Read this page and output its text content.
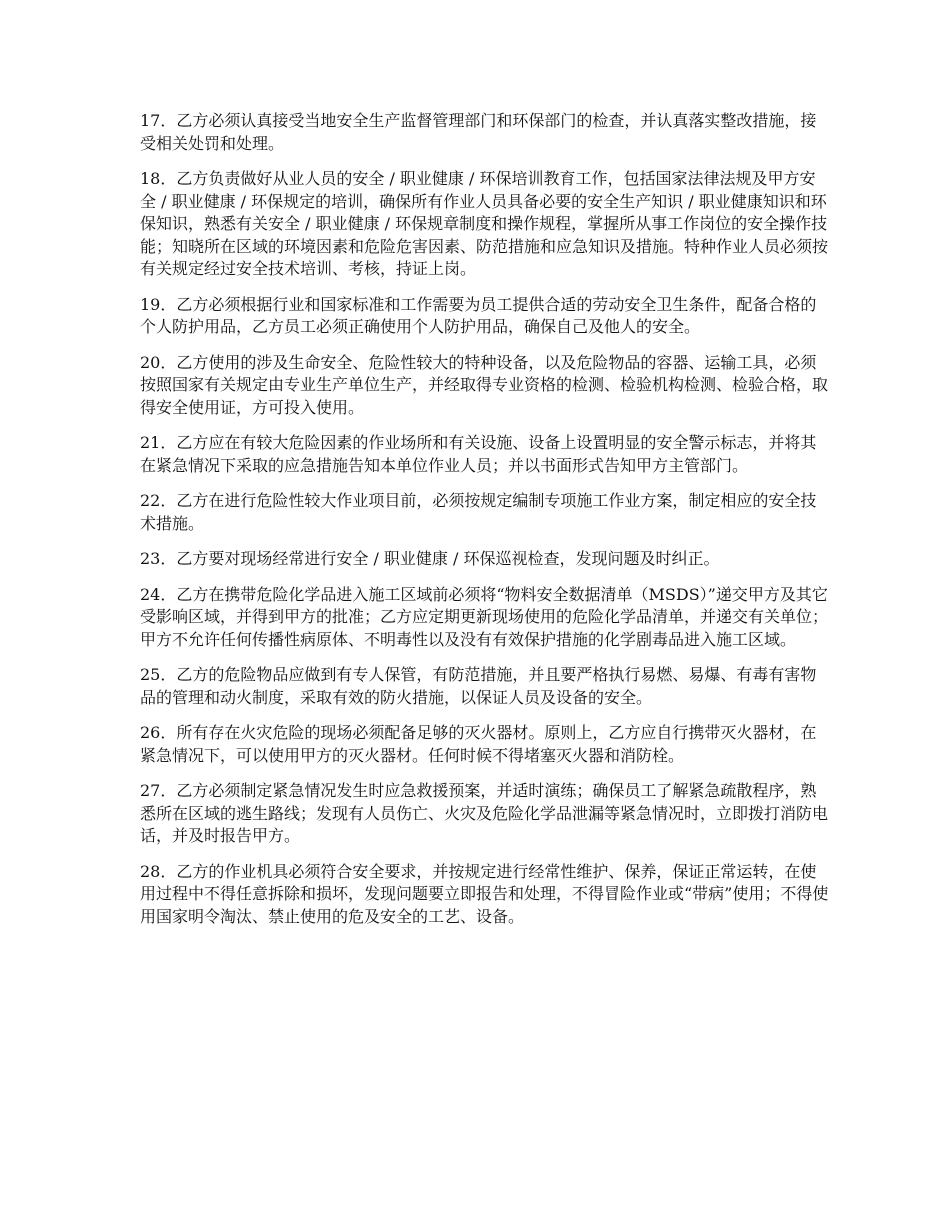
17．乙方必须认真接受当地安全生产监督管理部门和环保部门的检查，并认真落实整改措施，接受相关处罚和处理。

18．乙方负责做好从业人员的安全 / 职业健康 / 环保培训教育工作，包括国家法律法规及甲方安全 / 职业健康 / 环保规定的培训，确保所有作业人员具备必要的安全生产知识 / 职业健康知识和环保知识，熟悉有关安全 / 职业健康 / 环保规章制度和操作规程，掌握所从事工作岗位的安全操作技能；知晓所在区域的环境因素和危险危害因素、防范措施和应急知识及措施。特种作业人员必须按有关规定经过安全技术培训、考核，持证上岗。

19．乙方必须根据行业和国家标准和工作需要为员工提供合适的劳动安全卫生条件，配备合格的个人防护用品，乙方员工必须正确使用个人防护用品，确保自己及他人的安全。

20．乙方使用的涉及生命安全、危险性较大的特种设备，以及危险物品的容器、运输工具，必须按照国家有关规定由专业生产单位生产，并经取得专业资格的检测、检验机构检测、检验合格，取得安全使用证，方可投入使用。

21．乙方应在有较大危险因素的作业场所和有关设施、设备上设置明显的安全警示标志，并将其在紧急情况下采取的应急措施告知本单位作业人员；并以书面形式告知甲方主管部门。

22．乙方在进行危险性较大作业项目前，必须按规定编制专项施工作业方案，制定相应的安全技术措施。

23．乙方要对现场经常进行安全 / 职业健康 / 环保巡视检查，发现问题及时纠正。

24．乙方在携带危险化学品进入施工区域前必须将“物料安全数据清单（MSDS）”递交甲方及其它受影响区域，并得到甲方的批准；乙方应定期更新现场使用的危险化学品清单，并递交有关单位；甲方不允许任何传播性病原体、不明毒性以及没有有效保护措施的化学剧毒品进入施工区域。

25．乙方的危险物品应做到有专人保管，有防范措施，并且要严格执行易燃、易爆、有毒有害物品的管理和动火制度，采取有效的防火措施，以保证人员及设备的安全。

26．所有存在火灾危险的现场必须配备足够的灭火器材。原则上，乙方应自行携带灭火器材，在紧急情况下，可以使用甲方的灭火器材。任何时候不得堵塞灭火器和消防栓。

27．乙方必须制定紧急情况发生时应急救援预案，并适时演练；确保员工了解紧急疏散程序，熟悉所在区域的逃生路线；发现有人员伤亡、火灾及危险化学品泄漏等紧急情况时，立即拨打消防电话，并及时报告甲方。

28．乙方的作业机具必须符合安全要求，并按规定进行经常性维护、保养，保证正常运转，在使用过程中不得任意拆除和损坏，发现问题要立即报告和处理，不得冒险作业或“带病”使用；不得使用国家明令淘汰、禁止使用的危及安全的工艺、设备。
